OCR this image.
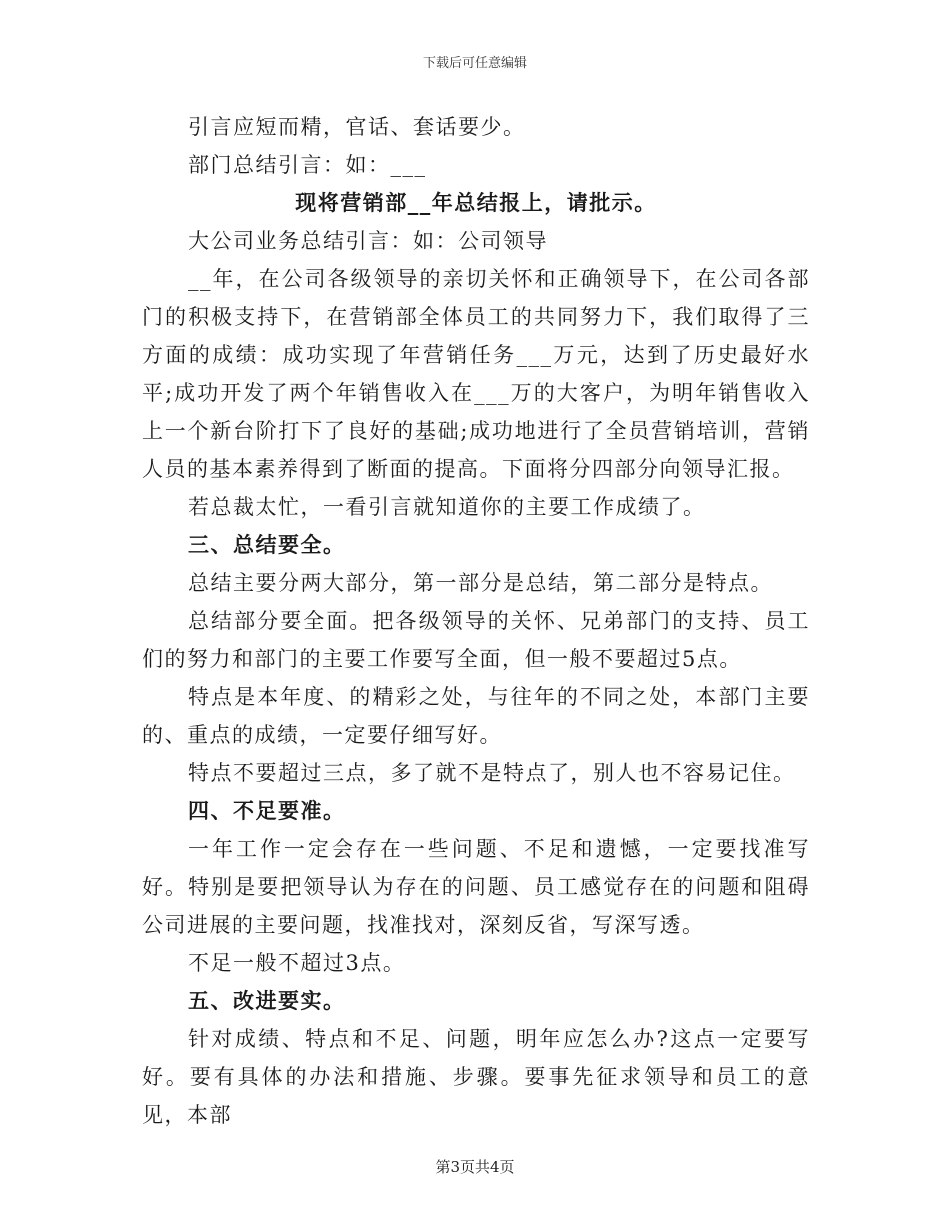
下载后可任意编辑

引言应短而精，官话、套话要少。

部门总结引言：如：___

现将营销部__年总结报上，请批示。

大公司业务总结引言：如：公司领导

__年，在公司各级领导的亲切关怀和正确领导下，在公司各部门的积极支持下，在营销部全体员工的共同努力下，我们取得了三方面的成绩：成功实现了年营销任务___万元，达到了历史最好水平;成功开发了两个年销售收入在___万的大客户，为明年销售收入上一个新台阶打下了良好的基础;成功地进行了全员营销培训，营销人员的基本素养得到了断面的提高。下面将分四部分向领导汇报。

若总裁太忙，一看引言就知道你的主要工作成绩了。

三、总结要全。

总结主要分两大部分，第一部分是总结，第二部分是特点。

总结部分要全面。把各级领导的关怀、兄弟部门的支持、员工们的努力和部门的主要工作要写全面，但一般不要超过5点。

特点是本年度、的精彩之处，与往年的不同之处，本部门主要的、重点的成绩，一定要仔细写好。

特点不要超过三点，多了就不是特点了，别人也不容易记住。

四、不足要准。

一年工作一定会存在一些问题、不足和遗憾，一定要找准写好。特别是要把领导认为存在的问题、员工感觉存在的问题和阻碍公司进展的主要问题，找准找对，深刻反省，写深写透。

不足一般不超过3点。

五、改进要实。

针对成绩、特点和不足、问题，明年应怎么办?这点一定要写好。要有具体的办法和措施、步骤。要事先征求领导和员工的意见，本部

第3页共4页
